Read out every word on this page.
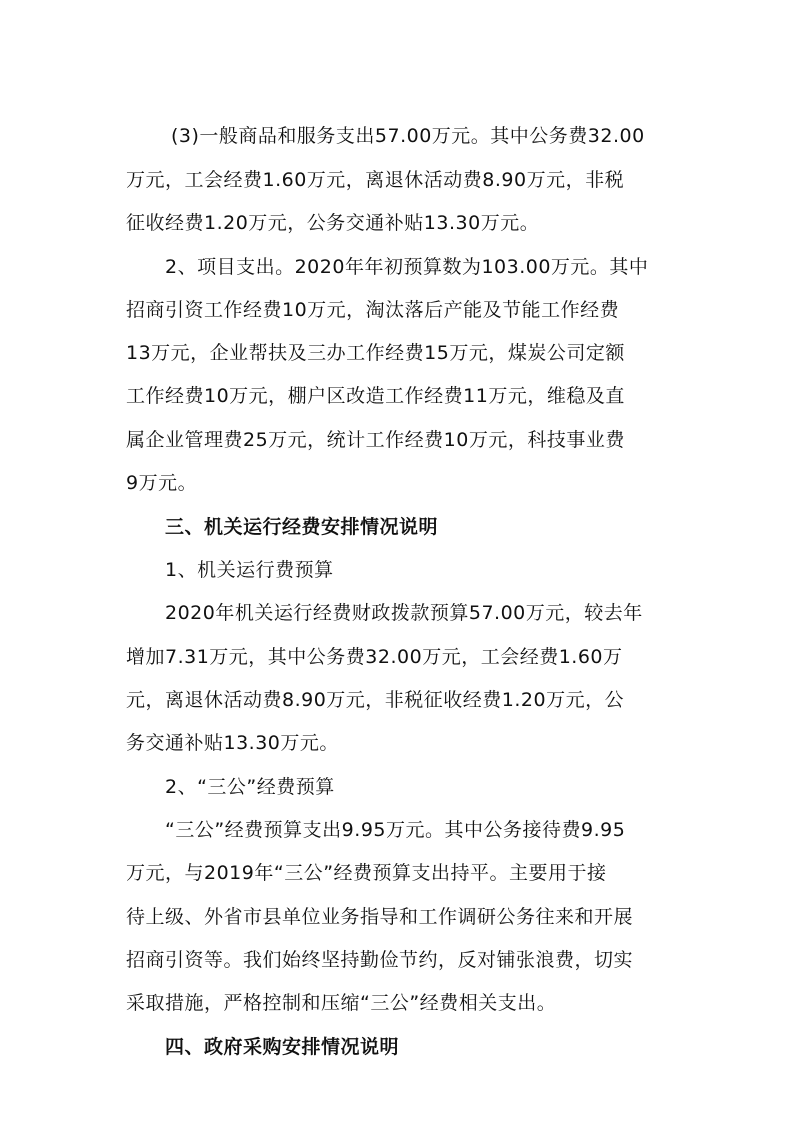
(3)一般商品和服务支出57.00万元。其中公务费32.00

万元，工会经费1.60万元，离退休活动费8.90万元，非税

征收经费1.20万元，公务交通补贴13.30万元。

2、项目支出。2020年年初预算数为103.00万元。其中

招商引资工作经费10万元，淘汰落后产能及节能工作经费

13万元，企业帮扶及三办工作经费15万元，煤炭公司定额

工作经费10万元，棚户区改造工作经费11万元，维稳及直

属企业管理费25万元，统计工作经费10万元，科技事业费

9万元。

三、机关运行经费安排情况说明

1、机关运行费预算

2020年机关运行经费财政拨款预算57.00万元，较去年

增加7.31万元，其中公务费32.00万元，工会经费1.60万

元，离退休活动费8.90万元，非税征收经费1.20万元，公

务交通补贴13.30万元。

2、“三公”经费预算

“三公”经费预算支出9.95万元。其中公务接待费9.95

万元，与2019年“三公”经费预算支出持平。主要用于接

待上级、外省市县单位业务指导和工作调研公务往来和开展

招商引资等。我们始终坚持勤俭节约，反对铺张浪费，切实

采取措施，严格控制和压缩“三公”经费相关支出。

四、政府采购安排情况说明
